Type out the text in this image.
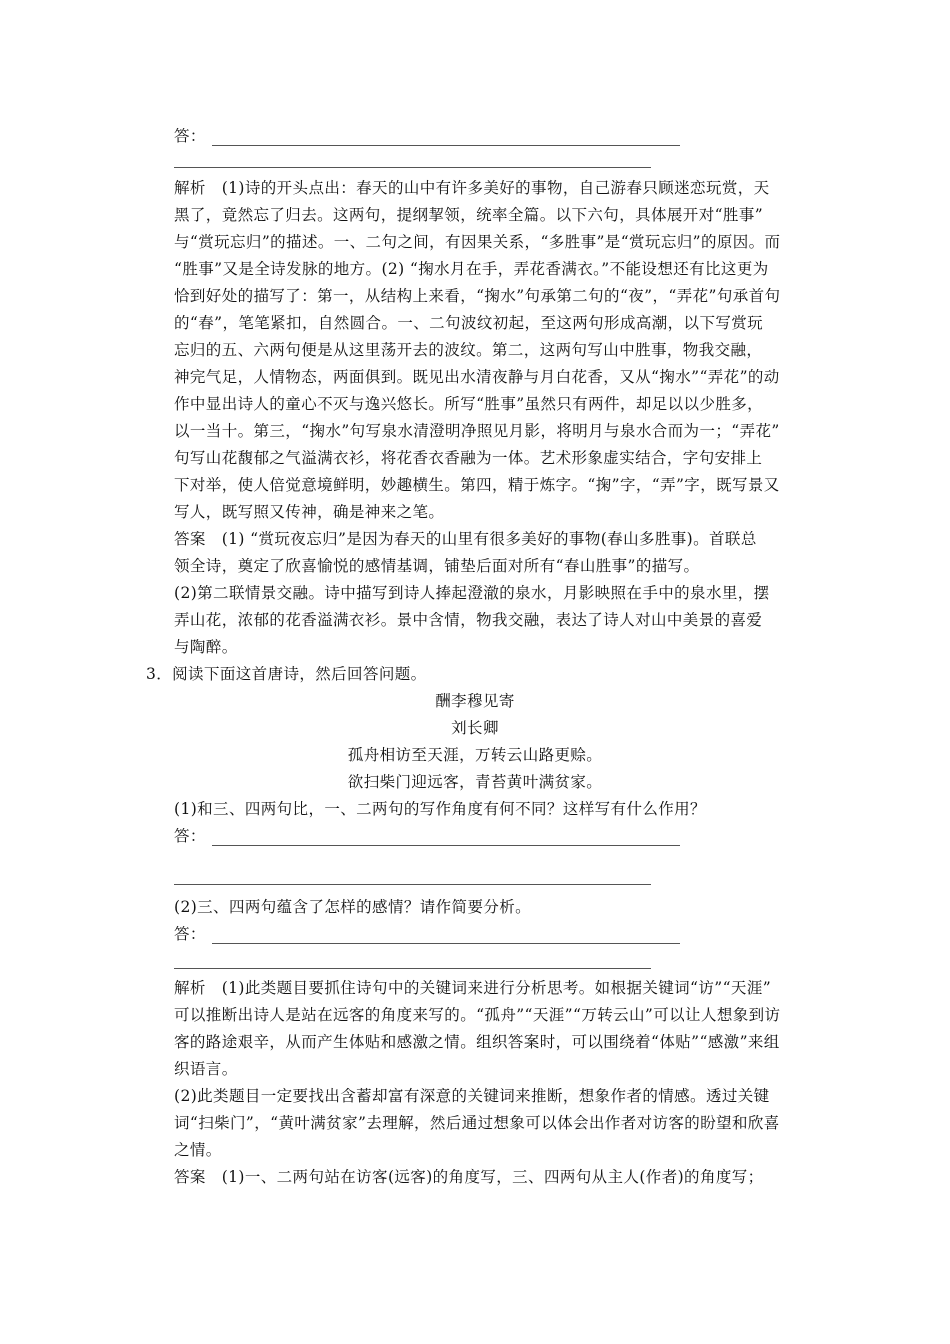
答：
解析　(1)诗的开头点出：春天的山中有许多美好的事物，自己游春只顾迷恋玩赏，天
黑了，竟然忘了归去。这两句，提纲挈领，统率全篇。以下六句，具体展开对“胜事”
与“赏玩忘归”的描述。一、二句之间，有因果关系，“多胜事”是“赏玩忘归”的原因。而
“胜事”又是全诗发脉的地方。(2) “掬水月在手，弄花香满衣。”不能设想还有比这更为
恰到好处的描写了：第一，从结构上来看，“掬水”句承第二句的“夜”，“弄花”句承首句
的“春”，笔笔紧扣，自然圆合。一、二句波纹初起，至这两句形成高潮，以下写赏玩
忘归的五、六两句便是从这里荡开去的波纹。第二，这两句写山中胜事，物我交融，
神完气足，人情物态，两面俱到。既见出水清夜静与月白花香，又从“掬水”“弄花”的动
作中显出诗人的童心不灭与逸兴悠长。所写“胜事”虽然只有两件，却足以以少胜多，
以一当十。第三，“掬水”句写泉水清澄明净照见月影，将明月与泉水合而为一；“弄花”
句写山花馥郁之气溢满衣衫，将花香衣香融为一体。艺术形象虚实结合，字句安排上
下对举，使人倍觉意境鲜明，妙趣横生。第四，精于炼字。“掬”字，“弄”字，既写景又
写人，既写照又传神，确是神来之笔。
答案　(1) “赏玩夜忘归”是因为春天的山里有很多美好的事物(春山多胜事)。首联总
领全诗，奠定了欣喜愉悦的感情基调，铺垫后面对所有“春山胜事”的描写。
(2)第二联情景交融。诗中描写到诗人捧起澄澈的泉水，月影映照在手中的泉水里，摆
弄山花，浓郁的花香溢满衣衫。景中含情，物我交融，表达了诗人对山中美景的喜爱
与陶醉。
3．阅读下面这首唐诗，然后回答问题。
酬李穆见寄
刘长卿
孤舟相访至天涯，万转云山路更赊。
欲扫柴门迎远客，青苔黄叶满贫家。
(1)和三、四两句比，一、二两句的写作角度有何不同？这样写有什么作用？
答：
(2)三、四两句蕴含了怎样的感情？请作简要分析。
答：
解析　(1)此类题目要抓住诗句中的关键词来进行分析思考。如根据关键词“访”“天涯”
可以推断出诗人是站在远客的角度来写的。“孤舟”“天涯”“万转云山”可以让人想象到访
客的路途艰辛，从而产生体贴和感激之情。组织答案时，可以围绕着“体贴”“感激”来组
织语言。
(2)此类题目一定要找出含蓄却富有深意的关键词来推断，想象作者的情感。透过关键
词“扫柴门”，“黄叶满贫家”去理解，然后通过想象可以体会出作者对访客的盼望和欣喜
之情。
答案　(1)一、二两句站在访客(远客)的角度写，三、四两句从主人(作者)的角度写；
